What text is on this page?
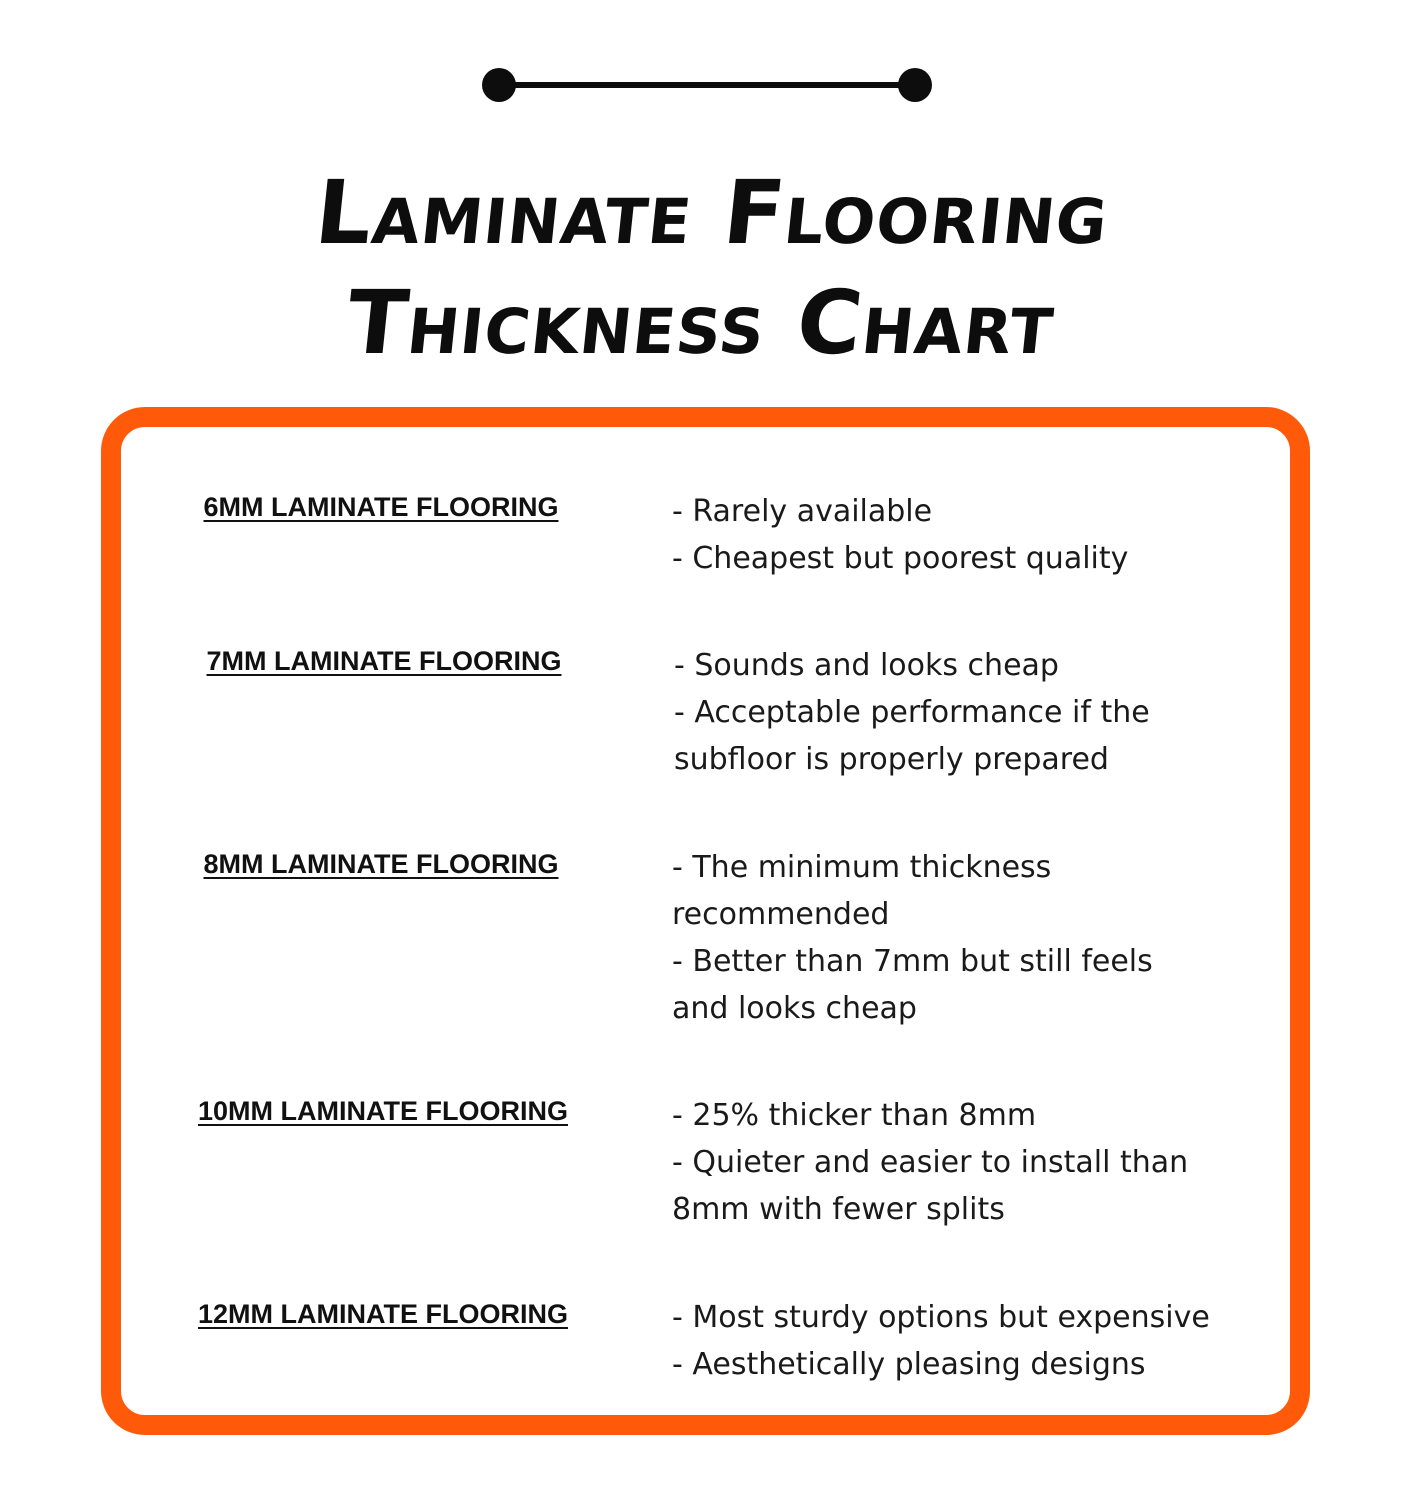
Laminate Flooring
Thickness Chart
6MM LAMINATE FLOORING	- Rarely available
- Cheapest but poorest quality
7MM LAMINATE FLOORING	- Sounds and looks cheap
- Acceptable performance if the subfloor is properly prepared
8MM LAMINATE FLOORING	- The minimum thickness recommended
- Better than 7mm but still feels and looks cheap
10MM LAMINATE FLOORING	- 25% thicker than 8mm
- Quieter and easier to install than 8mm with fewer splits
12MM LAMINATE FLOORING	- Most sturdy options but expensive
- Aesthetically pleasing designs
